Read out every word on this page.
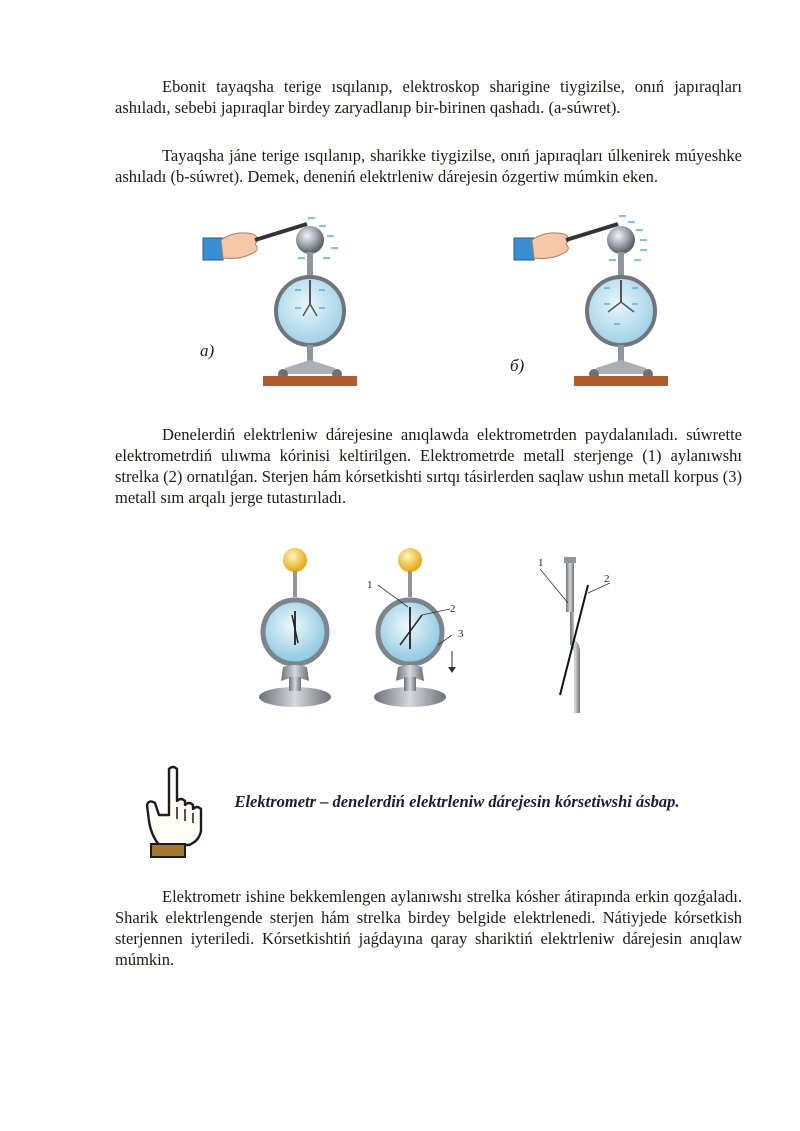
Ebonit tayaqsha terige ısqılanıp, elektroskop sharigine tiygizilse, onıń japıraqları ashıladı, sebebi japıraqlar birdey zaryadlanıp bir-birinen qashadı. (a-súwret).

Tayaqsha jáne terige ısqılanıp, sharikke tiygizilse, onıń japıraqları úlkenirek múyeshke ashıladı (b-súwret). Demek, deneniń elektrleniw dárejesin ózgertiw múmkin eken.

a)
б)

Denelerdiń elektrleniw dárejesine anıqlawda elektrometrden paydalanıladı. súwrette elektrometrdiń ulıwma kórinisi keltirilgen. Elektrometrde metall sterjenge (1) aylanıwshı strelka (2) ornatılǵan. Sterjen hám kórsetkishti sırtqı tásirlerden saqlaw ushın metall korpus (3) metall sım arqalı jerge tutastırıladı.

1
2
3
1
2
Elektrometr – denelerdiń elektrleniw dárejesin kórsetiwshi ásbap.

Elektrometr ishine bekkemlengen aylanıwshı strelka kósher átirapında erkin qozǵaladı. Sharik elektrlengende sterjen hám strelka birdey belgide elektrlenedi. Nátiyjede kórsetkish sterjennen iyteriledi. Kórsetkishtiń jaǵdayına qaray shariktiń elektrleniw dárejesin anıqlaw múmkin.
